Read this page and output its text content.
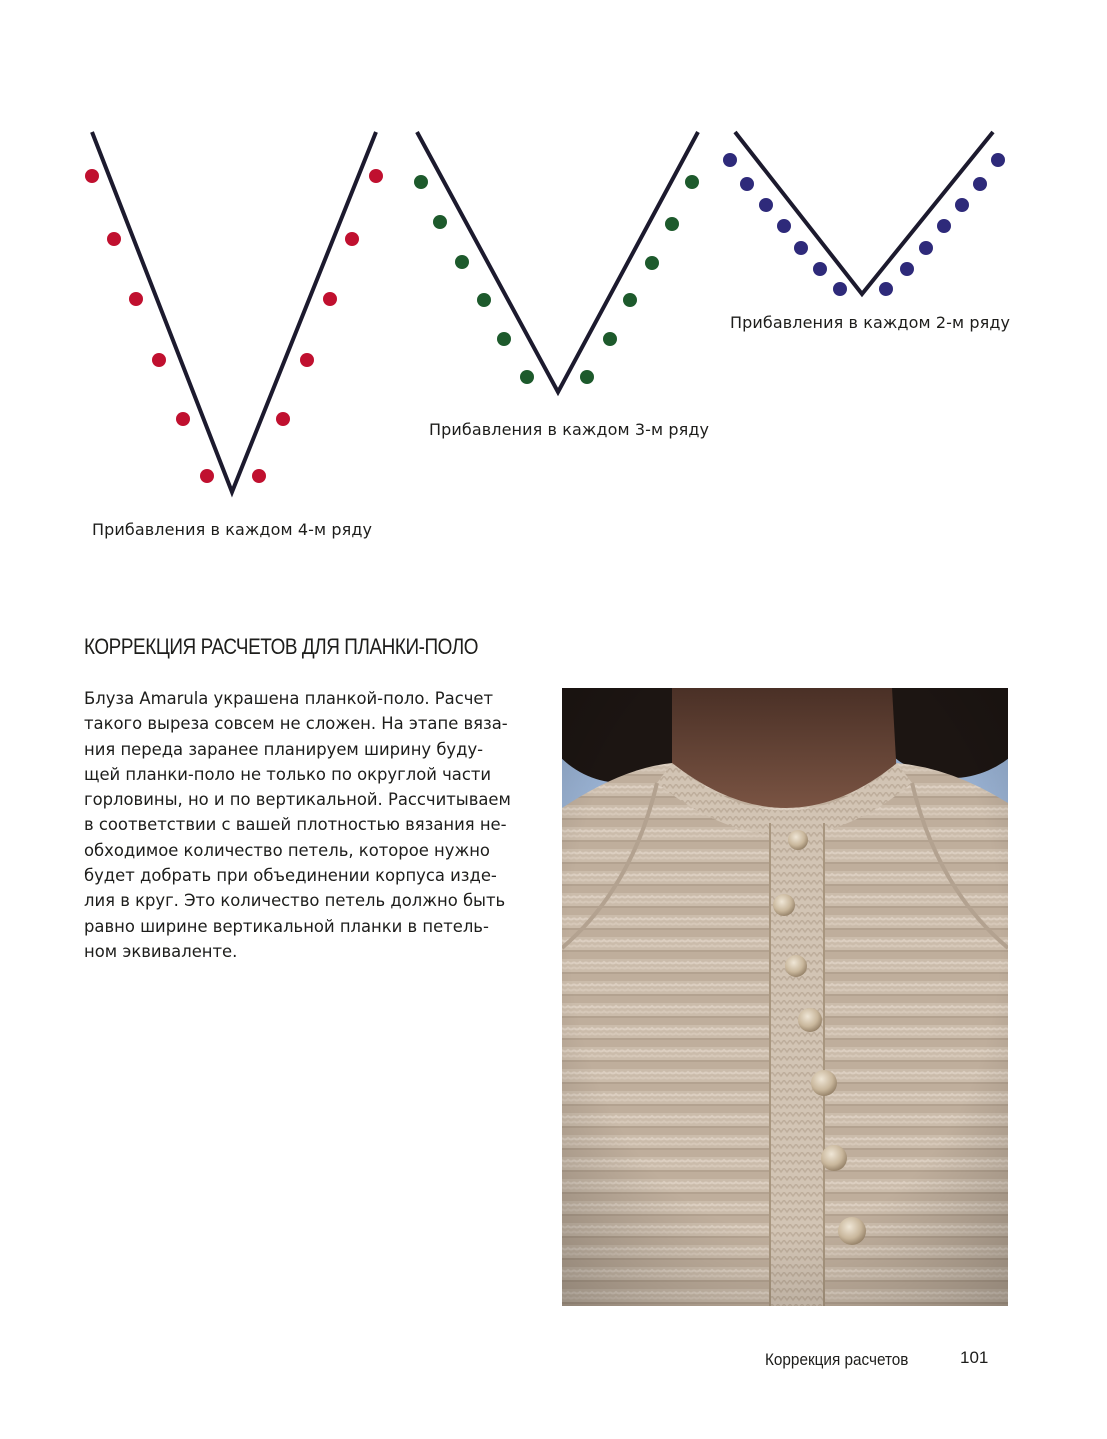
Прибавления в каждом 4-м ряду
Прибавления в каждом 3-м ряду
Прибавления в каждом 2-м ряду
КОРРЕКЦИЯ РАСЧЕТОВ ДЛЯ ПЛАНКИ-ПОЛО
Блуза Amarula украшена планкой-поло. Расчет
такого выреза совсем не сложен. На этапе вяза-
ния переда заранее планируем ширину буду-
щей планки-поло не только по округлой части
горловины, но и по вертикальной. Рассчитываем
в соответствии с вашей плотностью вязания не-
обходимое количество петель, которое нужно
будет добрать при объединении корпуса изде-
лия в круг. Это количество петель должно быть
равно ширине вертикальной планки в петель-
ном эквиваленте.
Коррекция расчетов	101
